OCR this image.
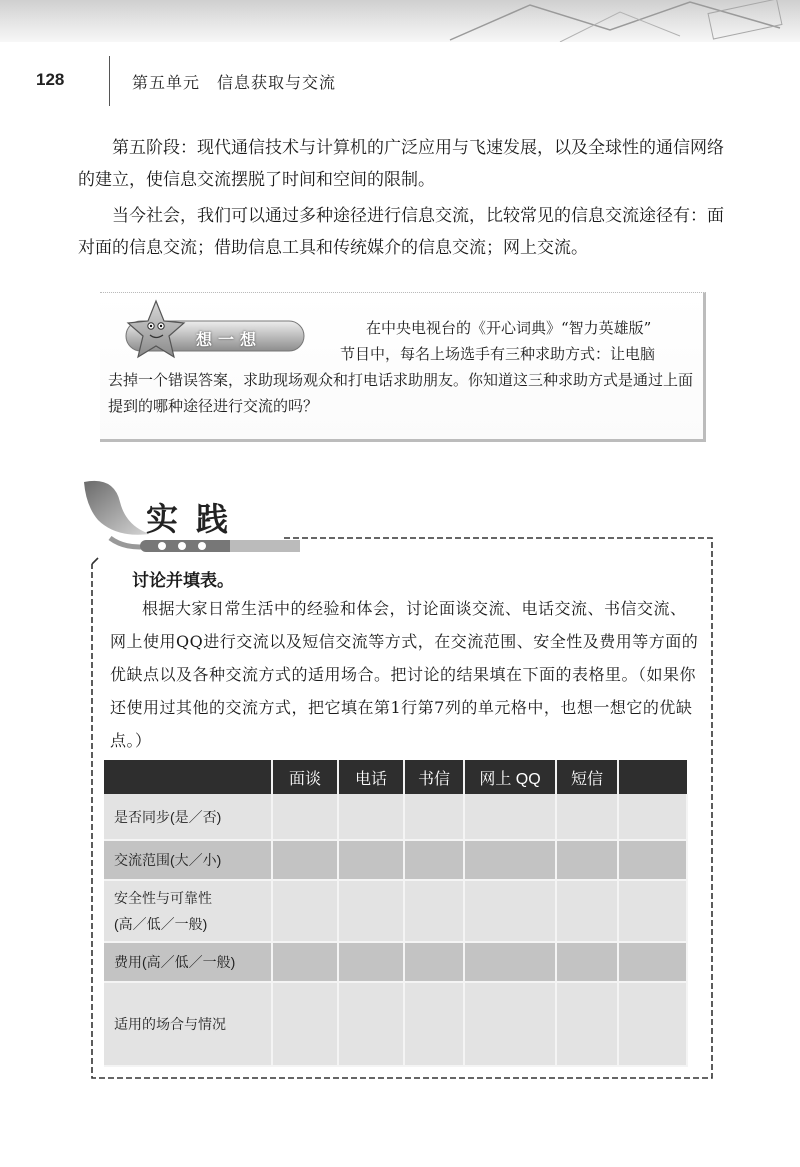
128	第五单元　信息获取与交流

第五阶段：现代通信技术与计算机的广泛应用与飞速发展，以及全球性的通信网络的建立，使信息交流摆脱了时间和空间的限制。

当今社会，我们可以通过多种途径进行信息交流，比较常见的信息交流途径有：面对面的信息交流；借助信息工具和传统媒介的信息交流；网上交流。

想一想
在中央电视台的《开心词典》“智力英雄版”
节目中，每名上场选手有三种求助方式：让电脑
去掉一个错误答案，求助现场观众和打电话求助朋友。你知道这三种求助方式是通过上面提到的哪种途径进行交流的吗？
实践
讨论并填表。

根据大家日常生活中的经验和体会，讨论面谈交流、电话交流、书信交流、网上使用QQ进行交流以及短信交流等方式，在交流范围、安全性及费用等方面的优缺点以及各种交流方式的适用场合。把讨论的结果填在下面的表格里。（如果你还使用过其他的交流方式，把它填在第1行第7列的单元格中，也想一想它的优缺点。）

	面谈	电话	书信	网上 QQ	短信	
是否同步(是／否)						
交流范围(大／小)						

安全性与可靠性
(高／低／一般)						

费用(高／低／一般)						
适用的场合与情况						
